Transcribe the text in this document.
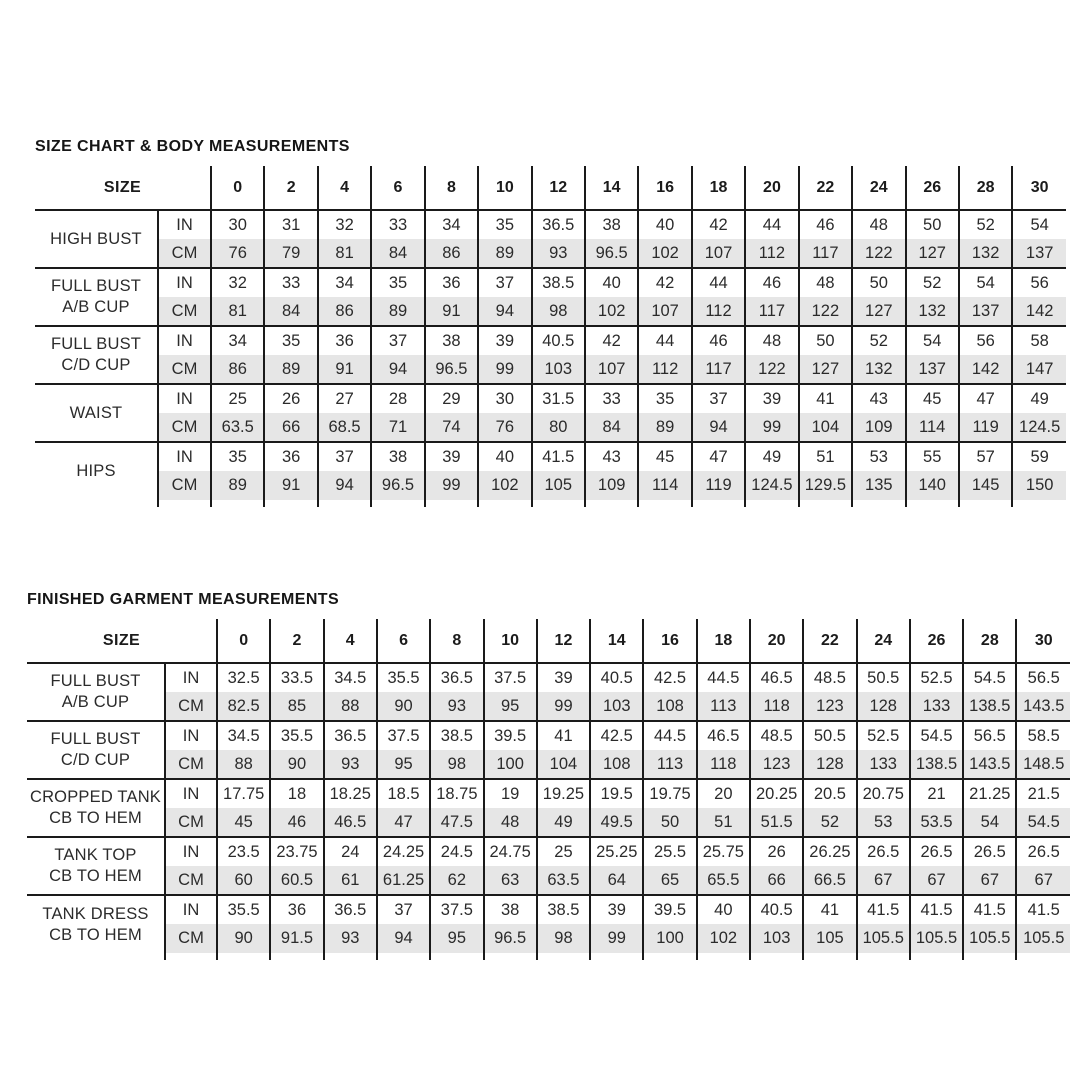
SIZE CHART & BODY MEASUREMENTS
SIZE		0	2	4	6	8	10	12	14	16	18	20	22	24	26	28	30

HIGH BUST	IN	30	31	32	33	34	35	36.5	38	40	42	44	46	48	50	52	54
	CM	76	79	81	84	86	89	93	96.5	102	107	112	117	122	127	132	137

FULL BUST
A/B CUP	IN	32	33	34	35	36	37	38.5	40	42	44	46	48	50	52	54	56
	CM	81	84	86	89	91	94	98	102	107	112	117	122	127	132	137	142

FULL BUST
C/D CUP	IN	34	35	36	37	38	39	40.5	42	44	46	48	50	52	54	56	58
	CM	86	89	91	94	96.5	99	103	107	112	117	122	127	132	137	142	147

WAIST	IN	25	26	27	28	29	30	31.5	33	35	37	39	41	43	45	47	49
	CM	63.5	66	68.5	71	74	76	80	84	89	94	99	104	109	114	119	124.5

HIPS	IN	35	36	37	38	39	40	41.5	43	45	47	49	51	53	55	57	59
	CM	89	91	94	96.5	99	102	105	109	114	119	124.5	129.5	135	140	145	150

FINISHED GARMENT MEASUREMENTS
SIZE		0	2	4	6	8	10	12	14	16	18	20	22	24	26	28	30

FULL BUST
A/B CUP	IN	32.5	33.5	34.5	35.5	36.5	37.5	39	40.5	42.5	44.5	46.5	48.5	50.5	52.5	54.5	56.5
	CM	82.5	85	88	90	93	95	99	103	108	113	118	123	128	133	138.5	143.5

FULL BUST
C/D CUP	IN	34.5	35.5	36.5	37.5	38.5	39.5	41	42.5	44.5	46.5	48.5	50.5	52.5	54.5	56.5	58.5
	CM	88	90	93	95	98	100	104	108	113	118	123	128	133	138.5	143.5	148.5

CROPPED TANK
CB TO HEM	IN	17.75	18	18.25	18.5	18.75	19	19.25	19.5	19.75	20	20.25	20.5	20.75	21	21.25	21.5
	CM	45	46	46.5	47	47.5	48	49	49.5	50	51	51.5	52	53	53.5	54	54.5

TANK TOP
CB TO HEM	IN	23.5	23.75	24	24.25	24.5	24.75	25	25.25	25.5	25.75	26	26.25	26.5	26.5	26.5	26.5
	CM	60	60.5	61	61.25	62	63	63.5	64	65	65.5	66	66.5	67	67	67	67

TANK DRESS
CB TO HEM	IN	35.5	36	36.5	37	37.5	38	38.5	39	39.5	40	40.5	41	41.5	41.5	41.5	41.5
	CM	90	91.5	93	94	95	96.5	98	99	100	102	103	105	105.5	105.5	105.5	105.5
